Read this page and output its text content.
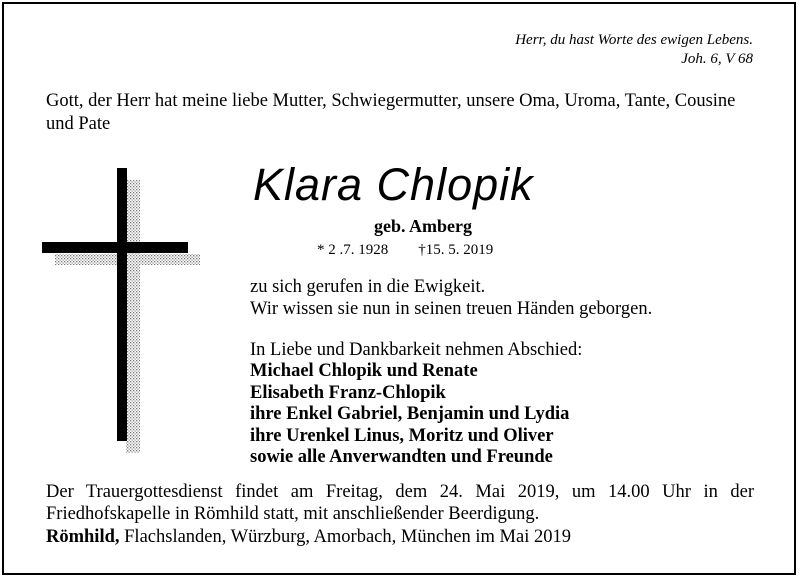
Herr, du hast Worte des ewigen Lebens.
Joh. 6, V 68
Gott, der Herr hat meine liebe Mutter, Schwiegermutter, unsere Oma, Uroma, Tante, Cousine und Pate
Klara Chlopik
geb. Amberg
* 2 .7. 1928 †15. 5. 2019
zu sich gerufen in die Ewigkeit.
Wir wissen sie nun in seinen treuen Händen geborgen.
In Liebe und Dankbarkeit nehmen Abschied:
Michael Chlopik und Renate
Elisabeth Franz-Chlopik
ihre Enkel Gabriel, Benjamin und Lydia
ihre Urenkel Linus, Moritz und Oliver
sowie alle Anverwandten und Freunde
Der Trauergottesdienst findet am Freitag, dem 24. Mai 2019, um 14.00 Uhr in der Friedhofskapelle in Römhild statt, mit anschließender Beerdigung.
Römhild, Flachslanden, Würzburg, Amorbach, München im Mai 2019
